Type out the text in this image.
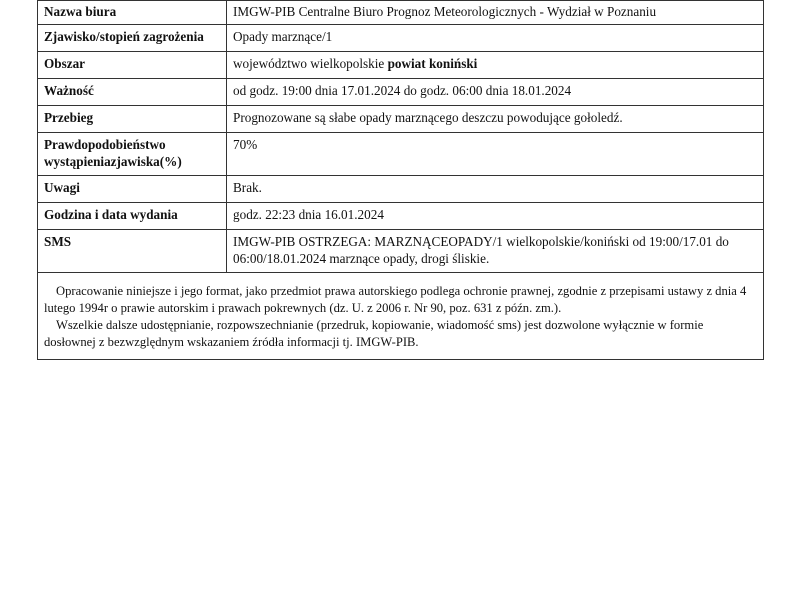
Nazwa biura	IMGW-PIB Centralne Biuro Prognoz Meteorologicznych - Wydział w Poznaniu
Zjawisko/stopień zagrożenia	Opady marznące/1
Obszar	województwo wielkopolskie powiat koniński
Ważność	od godz. 19:00 dnia 17.01.2024 do godz. 06:00 dnia 18.01.2024
Przebieg	Prognozowane są słabe opady marznącego deszczu powodujące gołoledź.
Prawdopodobieństwo
wystąpieniazjawiska(%)	70%
Uwagi	Brak.
Godzina i data wydania	godz. 22:23 dnia 16.01.2024
SMS	IMGW-PIB OSTRZEGA: MARZNĄCEOPADY/1 wielkopolskie/koniński od 19:00/17.01 do 06:00/18.01.2024 marznące opady, drogi śliskie.

Opracowanie niniejsze i jego format, jako przedmiot prawa autorskiego podlega ochronie prawnej, zgodnie z przepisami ustawy z dnia 4 lutego 1994r o prawie autorskim i prawach pokrewnych (dz. U. z 2006 r. Nr 90, poz. 631 z późn. zm.).

Wszelkie dalsze udostępnianie, rozpowszechnianie (przedruk, kopiowanie, wiadomość sms) jest dozwolone wyłącznie w formie dosłownej z bezwzględnym wskazaniem źródła informacji tj. IMGW-PIB.
